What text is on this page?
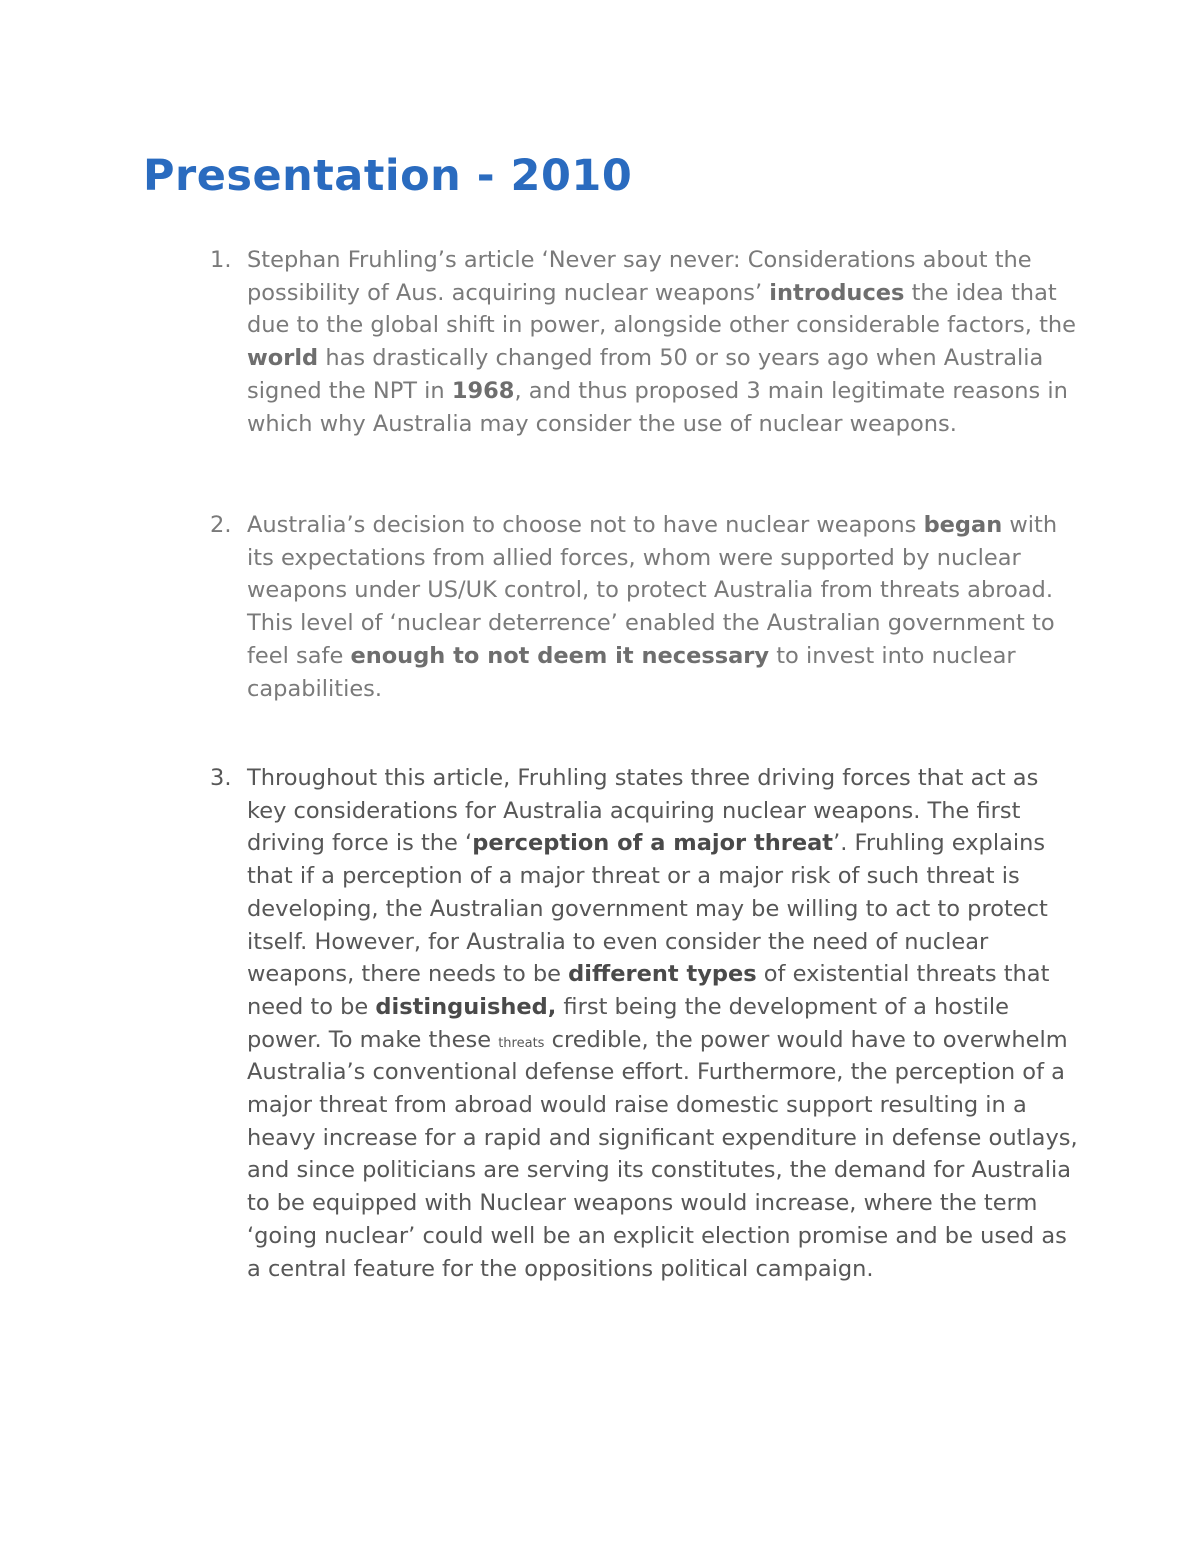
Presentation - 2010
1. Stephan Fruhling’s article ‘Never say never: Considerations about the possibility of Aus. acquiring nuclear weapons’ introduces the idea that due to the global shift in power, alongside other considerable factors, the world has drastically changed from 50 or so years ago when Australia signed the NPT in 1968, and thus proposed 3 main legitimate reasons in which why Australia may consider the use of nuclear weapons.

2. Australia’s decision to choose not to have nuclear weapons began with its expectations from allied forces, whom were supported by nuclear weapons under US/UK control, to protect Australia from threats abroad. This level of ‘nuclear deterrence’ enabled the Australian government to feel safe enough to not deem it necessary to invest into nuclear capabilities.

3. Throughout this article, Fruhling states three driving forces that act as key considerations for Australia acquiring nuclear weapons. The first driving force is the ‘perception of a major threat’. Fruhling explains that if a perception of a major threat or a major risk of such threat is developing, the Australian government may be willing to act to protect itself. However, for Australia to even consider the need of nuclear weapons, there needs to be different types of existential threats that need to be distinguished, first being the development of a hostile power. To make these threats credible, the power would have to overwhelm Australia’s conventional defense effort. Furthermore, the perception of a major threat from abroad would raise domestic support resulting in a heavy increase for a rapid and significant expenditure in defense outlays, and since politicians are serving its constitutes, the demand for Australia to be equipped with Nuclear weapons would increase, where the term ‘going nuclear’ could well be an explicit election promise and be used as a central feature for the oppositions political campaign.
